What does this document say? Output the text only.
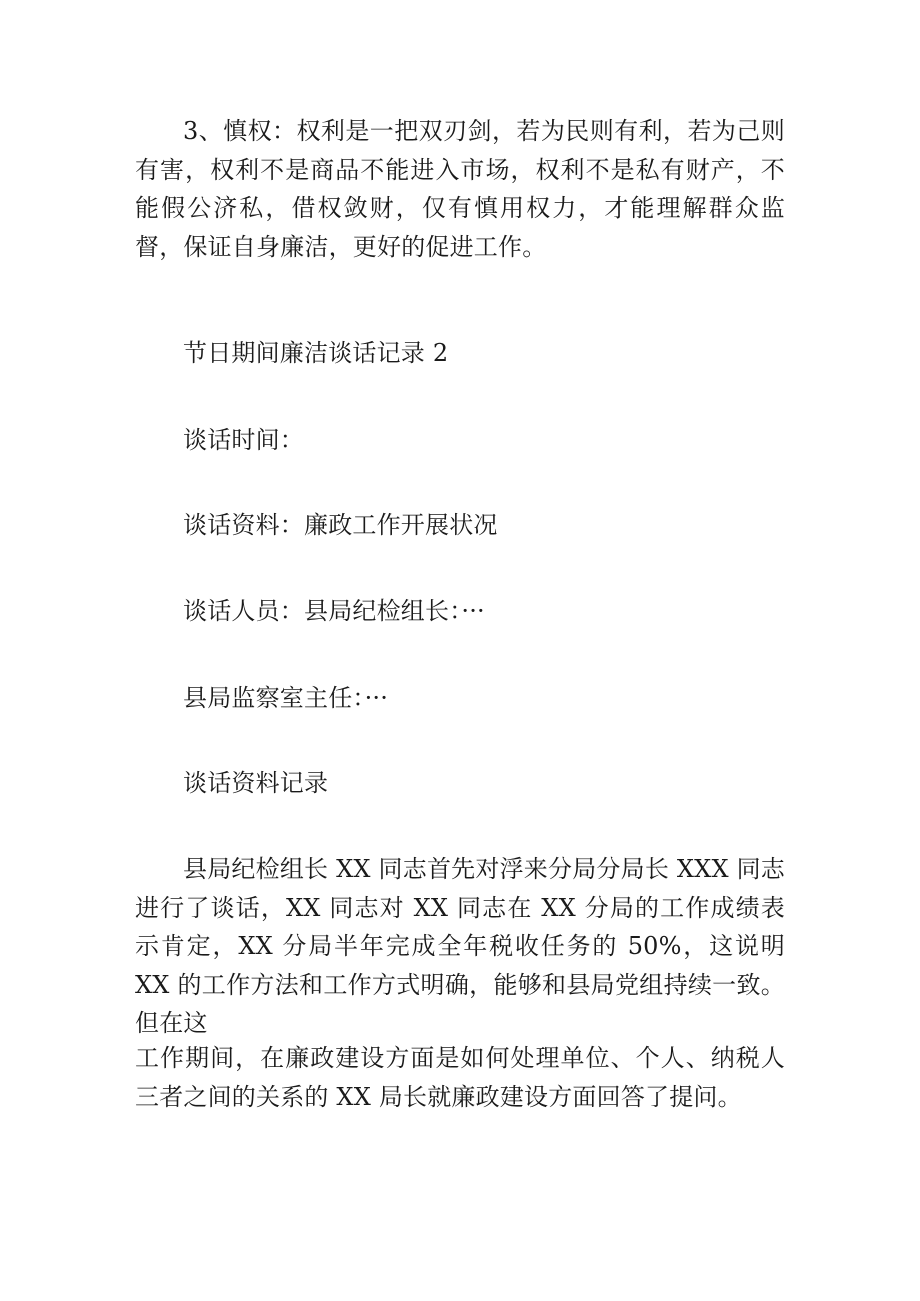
3、慎权：权利是一把双刃剑，若为民则有利，若为己则有害，权利不是商品不能进入市场，权利不是私有财产，不能假公济私，借权敛财，仅有慎用权力，才能理解群众监督，保证自身廉洁，更好的促进工作。

节日期间廉洁谈话记录 2

谈话时间：

谈话资料：廉政工作开展状况

谈话人员：县局纪检组长：···

县局监察室主任：···

谈话资料记录

县局纪检组长 XX 同志首先对浮来分局分局长 XXX 同志进行了谈话，XX 同志对 XX 同志在 XX 分局的工作成绩表示肯定，XX 分局半年完成全年税收任务的 50%，这说明 XX 的工作方法和工作方式明确，能够和县局党组持续一致。但在这

工作期间，在廉政建设方面是如何处理单位、个人、纳税人三者之间的关系的 XX 局长就廉政建设方面回答了提问。
